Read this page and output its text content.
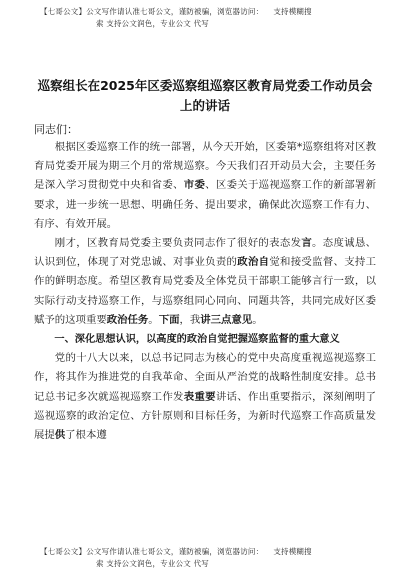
【七哥公文】公文写作请认准七哥公文，谨防被骗，浏览器访问： 支持模糊搜
索 支持公文润色，专业公文 代写
巡察组长在2025年区委巡察组巡察区教育局党委工作动员会上的讲话
同志们：

根据区委巡察工作的统一部署，从今天开始，区委第*巡察组将对区教育局党委开展为期三个月的常规巡察。今天我们召开动员大会，主要任务是深入学习贯彻党中央和省委、市委、区委关于巡视巡察工作的新部署新要求，进一步统一思想、明确任务、提出要求，确保此次巡察工作有力、有序、有效开展。

刚才，区教育局党委主要负责同志作了很好的表态发言。态度诚恳、认识到位，体现了对党忠诚、对事业负责的政治自觉和接受监督、支持工作的鲜明态度。希望区教育局党委及全体党员干部职工能够言行一致，以实际行动支持巡察工作，与巡察组同心同向、同题共答，共同完成好区委赋予的这项重要政治任务。下面，我讲三点意见。

一、深化思想认识，以高度的政治自觉把握巡察监督的重大意义

党的十八大以来，以总书记同志为核心的党中央高度重视巡视巡察工作，将其作为推进党的自我革命、全面从严治党的战略性制度安排。总书记总书记多次就巡视巡察工作发表重要讲话、作出重要指示，深刻阐明了巡视巡察的政治定位、方针原则和目标任务，为新时代巡察工作高质量发展提供了根本遵

【七哥公文】公文写作请认准七哥公文，谨防被骗，浏览器访问： 支持模糊搜
索 支持公文润色，专业公文 代写
